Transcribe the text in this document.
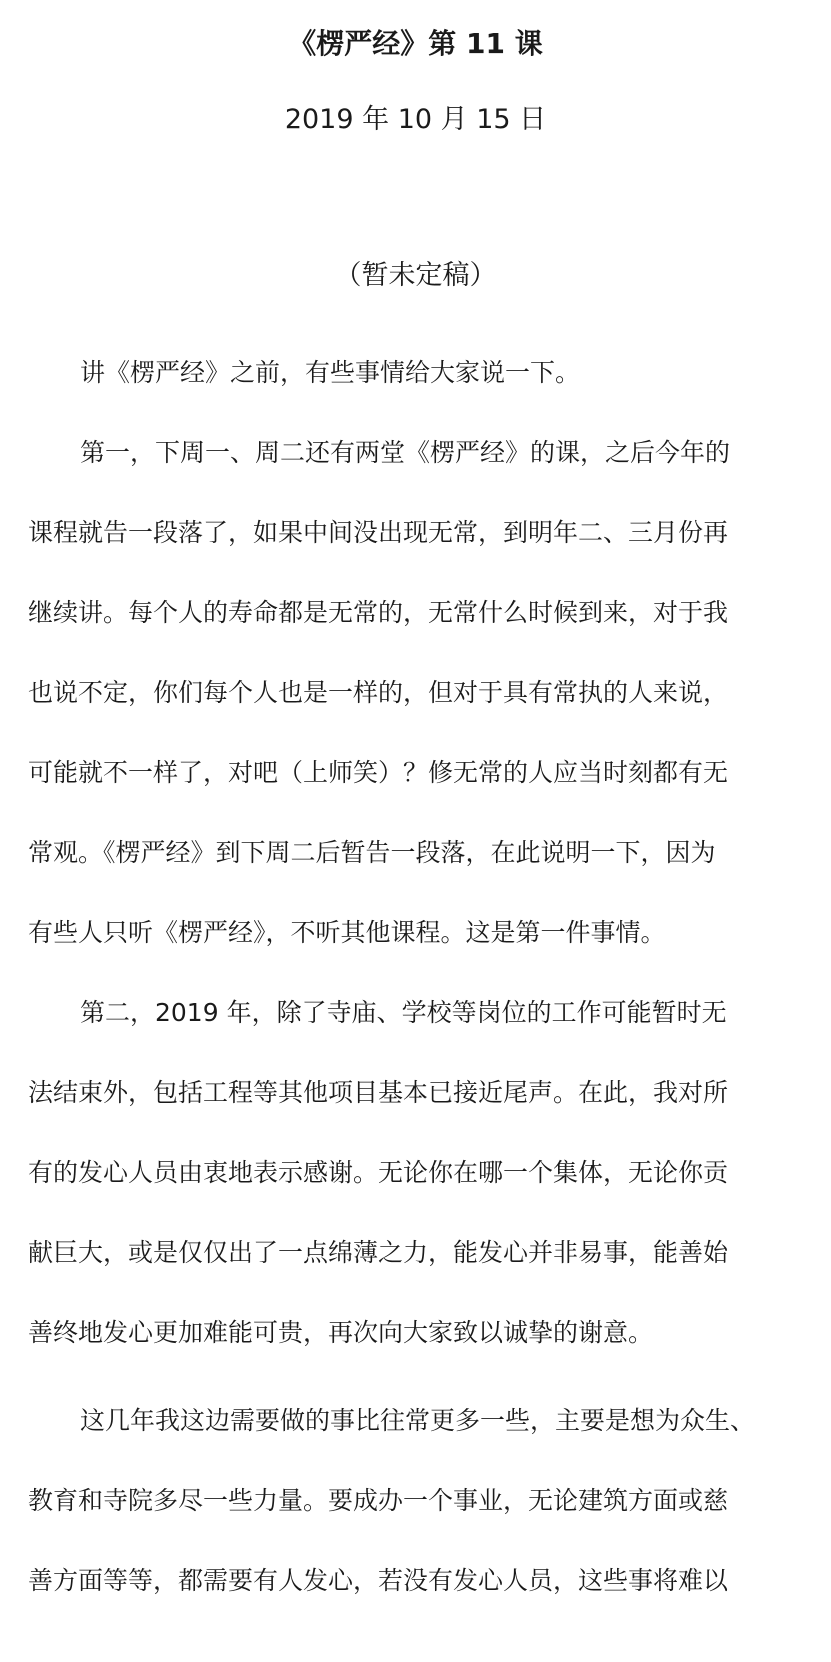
《楞严经》第 11 课
2019 年 10 月 15 日
（暂未定稿）
讲《楞严经》之前，有些事情给大家说一下。
第一，下周一、周二还有两堂《楞严经》的课，之后今年的
课程就告一段落了，如果中间没出现无常，到明年二、三月份再
继续讲。每个人的寿命都是无常的，无常什么时候到来，对于我
也说不定，你们每个人也是一样的，但对于具有常执的人来说，
可能就不一样了，对吧（上师笑）？修无常的人应当时刻都有无
常观。《楞严经》到下周二后暂告一段落，在此说明一下，因为
有些人只听《楞严经》，不听其他课程。这是第一件事情。
第二，2019 年，除了寺庙、学校等岗位的工作可能暂时无
法结束外，包括工程等其他项目基本已接近尾声。在此，我对所
有的发心人员由衷地表示感谢。无论你在哪一个集体，无论你贡
献巨大，或是仅仅出了一点绵薄之力，能发心并非易事，能善始
善终地发心更加难能可贵，再次向大家致以诚挚的谢意。
这几年我这边需要做的事比往常更多一些，主要是想为众生、
教育和寺院多尽一些力量。要成办一个事业，无论建筑方面或慈
善方面等等，都需要有人发心，若没有发心人员，这些事将难以
